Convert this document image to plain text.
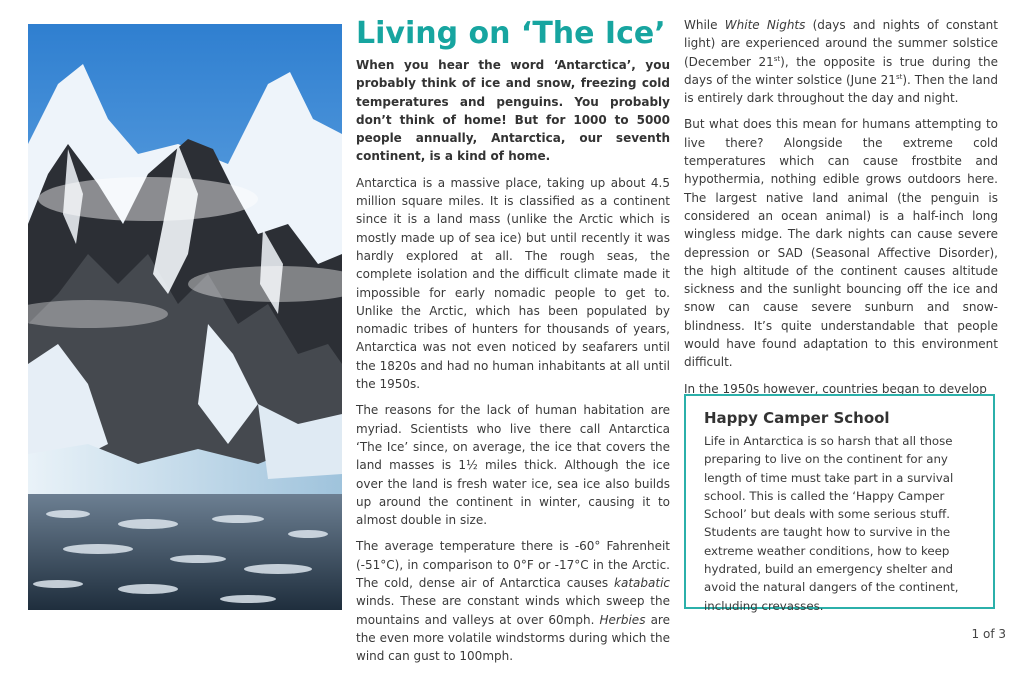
Living on ‘The Ice’

When you hear the word ‘Antarctica’, you probably think of ice and snow, freezing cold temperatures and penguins. You probably don’t think of home! But for 1000 to 5000 people annually, Antarctica, our seventh continent, is a kind of home.

Antarctica is a massive place, taking up about 4.5 million square miles. It is classified as a continent since it is a land mass (unlike the Arctic which is mostly made up of sea ice) but until recently it was hardly explored at all. The rough seas, the complete isolation and the difficult climate made it impossible for early nomadic people to get to. Unlike the Arctic, which has been populated by nomadic tribes of hunters for thousands of years, Antarctica was not even noticed by seafarers until the 1820s and had no human inhabitants at all until the 1950s.

The reasons for the lack of human habitation are myriad. Scientists who live there call Antarctica ‘The Ice’ since, on average, the ice that covers the land masses is 1½ miles thick. Although the ice over the land is fresh water ice, sea ice also builds up around the continent in winter, causing it to almost double in size.

The average temperature there is -60° Fahrenheit (-51°C), in comparison to 0°F or -17°C in the Arctic. The cold, dense air of Antarctica causes katabatic winds. These are constant winds which sweep the mountains and valleys at over 60mph. Herbies are the even more volatile windstorms during which the wind can gust to 100mph.

While White Nights (days and nights of constant light) are experienced around the summer solstice (December 21st), the opposite is true during the days of the winter solstice (June 21st). Then the land is entirely dark throughout the day and night.

But what does this mean for humans attempting to live there? Alongside the extreme cold temperatures which can cause frostbite and hypothermia, nothing edible grows outdoors here. The largest native land animal (the penguin is considered an ocean animal) is a half-inch long wingless midge. The dark nights can cause severe depression or SAD (Seasonal Affective Disorder), the high altitude of the continent causes altitude sickness and the sunlight bouncing off the ice and snow can cause severe sunburn and snow-blindness. It’s quite understandable that people would have found adaptation to this environment difficult.

In the 1950s however, countries began to develop

Happy Camper School

Life in Antarctica is so harsh that all those preparing to live on the continent for any length of time must take part in a survival school. This is called the ‘Happy Camper School’ but deals with some serious stuff. Students are taught how to survive in the extreme weather conditions, how to keep hydrated, build an emergency shelter and avoid the natural dangers of the continent, including crevasses.

1 of 3
